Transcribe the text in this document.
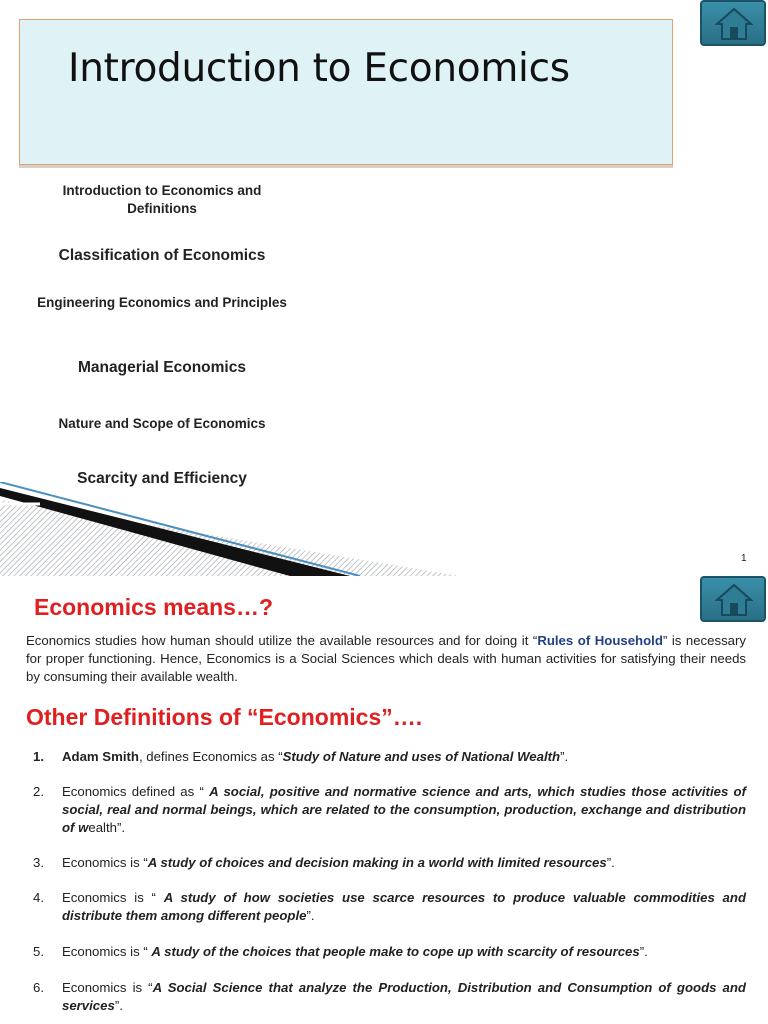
Introduction to Economics
Introduction to Economics and Definitions
Classification of Economics
Engineering Economics and Principles
Managerial Economics
Nature and Scope of Economics
Scarcity and Efficiency
1
Economics means…?
Economics studies how human should utilize the available resources and for doing it “Rules of Household” is necessary for proper functioning. Hence, Economics is a Social Sciences which deals with human activities for satisfying their needs by consuming their available wealth.
Other Definitions of “Economics”….
1. Adam Smith, defines Economics as “Study of Nature and uses of National Wealth”.
2. Economics defined as “ A social, positive and normative science and arts, which studies those activities of social, real and normal beings, which are related to the consumption, production, exchange and distribution of wealth”.
3. Economics is “A study of choices and decision making in a world with limited resources”.
4. Economics is “ A study of how societies use scarce resources to produce valuable commodities and distribute them among different people”.
5. Economics is “ A study of the choices that people make to cope up with scarcity of resources”.
6. Economics is “A Social Science that analyze the Production, Distribution and Consumption of goods and services”.
